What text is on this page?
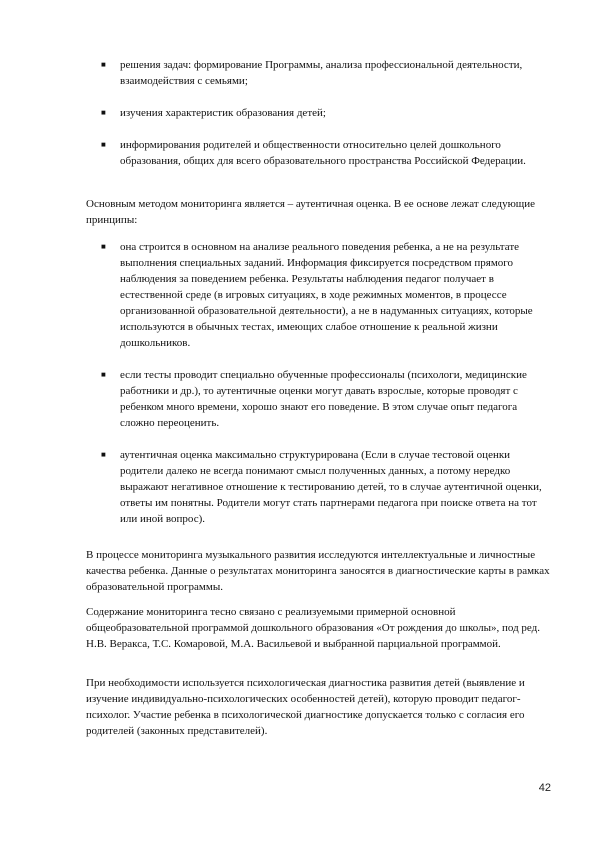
■ решения задач: формирование Программы, анализа профессиональной деятельности, взаимодействия с семьями;
■ изучения характеристик образования детей;
■ информирования родителей и общественности относительно целей дошкольного образования, общих для всего образовательного пространства Российской Федерации.

Основным методом мониторинга является – аутентичная оценка. В ее основе лежат следующие принципы:

■ она строится в основном на анализе реального поведения ребенка, а не на результате выполнения специальных заданий. Информация фиксируется посредством прямого наблюдения за поведением ребенка. Результаты наблюдения педагог получает в естественной среде (в игровых ситуациях, в ходе режимных моментов, в процессе организованной образовательной деятельности), а не в надуманных ситуациях, которые используются в обычных тестах, имеющих слабое отношение к реальной жизни дошкольников.
■ если тесты проводит специально обученные профессионалы (психологи, медицинские работники и др.), то аутентичные оценки могут давать взрослые, которые проводят с ребенком много времени, хорошо знают его поведение. В этом случае опыт педагога сложно переоценить.
■ аутентичная оценка максимально структурирована (Если в случае тестовой оценки родители далеко не всегда понимают смысл полученных данных, а потому нередко выражают негативное отношение к тестированию детей, то в случае аутентичной оценки, ответы им понятны. Родители могут стать партнерами педагога при поиске ответа на тот или иной вопрос).

В процессе мониторинга музыкального развития исследуются интеллектуальные и личностные качества ребенка. Данные о результатах мониторинга заносятся в диагностические карты в рамках образовательной программы.

Содержание мониторинга тесно связано с реализуемыми примерной основной общеобразовательной программой дошкольного образования «От рождения до школы», под ред. Н.В. Веракса, Т.С. Комаровой, М.А. Васильевой и выбранной парциальной программой.

При необходимости используется психологическая диагностика развития детей (выявление и изучение индивидуально-психологических особенностей детей), которую проводит педагог-психолог. Участие ребенка в психологической диагностике допускается только с согласия его родителей (законных представителей).

42
